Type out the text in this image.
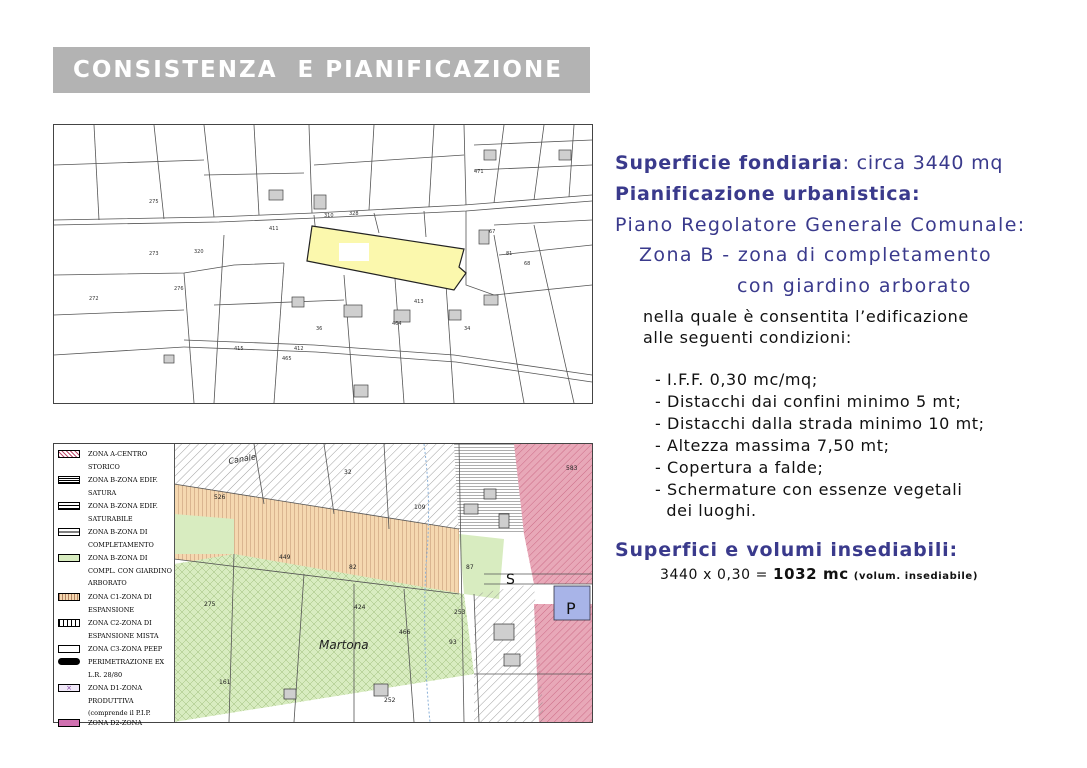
CONSISTENZA  E PIANIFICAZIONE
275
273	320
411
310	328
276
272
415	412
413
471
81
67
68
34
36
464
465
Canale
Martona
32
109
82
449
424
253
93
466
161
252
275
526
583
87
P
S
ZONA A-CENTRO STORICO
ZONA B-ZONA EDIF. SATURA
ZONA B-ZONA EDIF. SATURABILE
ZONA B-ZONA DI COMPLETAMENTO
ZONA B-ZONA DI COMPL. CON GIARDINO ARBORATO
ZONA C1-ZONA DI ESPANSIONE
ZONA C2-ZONA DI ESPANSIONE MISTA
ZONA C3-ZONA PEEP
PERIMETRAZIONE EX L.R. 28/80
×	ZONA D1-ZONA PRODUTTIVA (comprende il P.I.P.
ZONA D2-ZONA
Superficie fondiaria: circa 3440 mq
Pianificazione urbanistica:
Piano Regolatore Generale Comunale:
Zona B - zona di completamento
con giardino arborato
nella quale è consentita l’edificazione
alle seguenti condizioni:
- I.F.F. 0,30 mc/mq;
- Distacchi dai confini minimo 5 mt;
- Distacchi dalla strada minimo 10 mt;
- Altezza massima 7,50 mt;
- Copertura a falde;
- Schermature con essenze vegetali
dei luoghi.
Superfici e volumi insediabili:
3440 x 0,30 = 1032 mc (volum. insediabile)
